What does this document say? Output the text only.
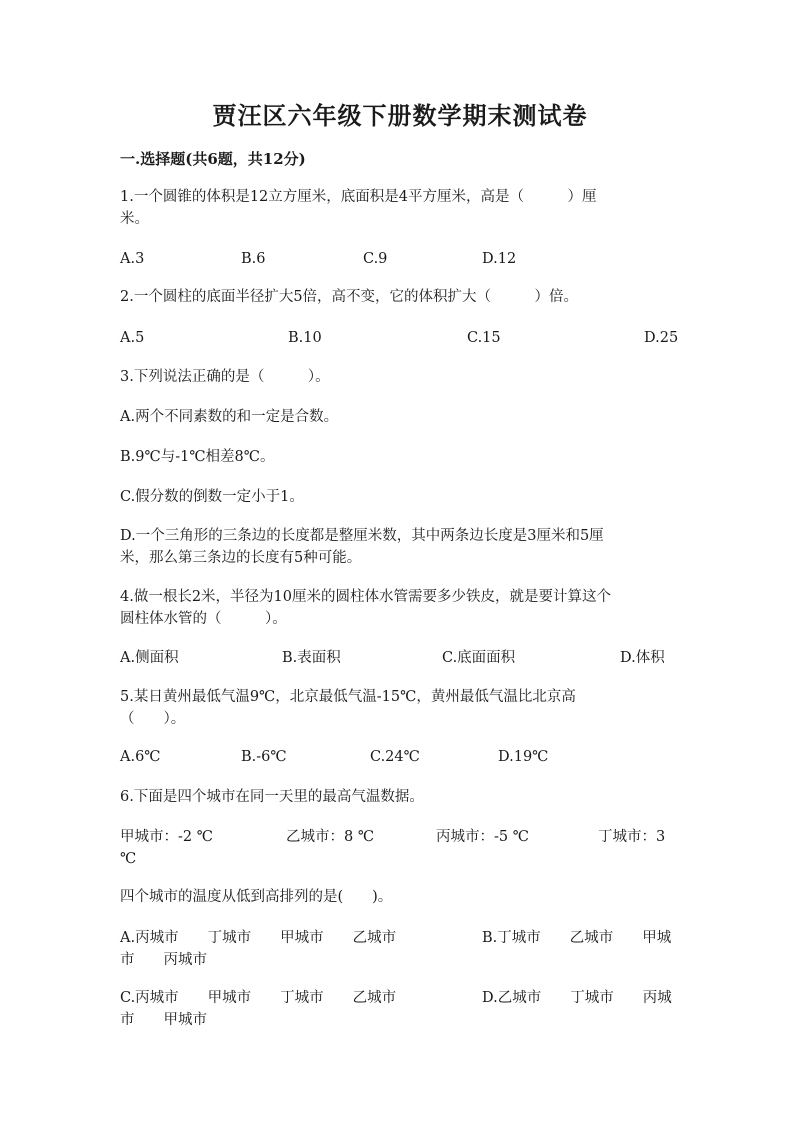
贾汪区六年级下册数学期末测试卷
一.选择题(共6题，共12分)
1.一个圆锥的体积是12立方厘米，底面积是4平方厘米，高是（　　　）厘
米。
A.3	B.6	C.9	D.12
2.一个圆柱的底面半径扩大5倍，高不变，它的体积扩大（　　　）倍。
A.5	B.10	C.15	D.25
3.下列说法正确的是（　　　）。
A.两个不同素数的和一定是合数。
B.9℃与-1℃相差8℃。
C.假分数的倒数一定小于1。
D.一个三角形的三条边的长度都是整厘米数，其中两条边长度是3厘米和5厘
米，那么第三条边的长度有5种可能。
4.做一根长2米，半径为10厘米的圆柱体水管需要多少铁皮，就是要计算这个
圆柱体水管的（　　　）。
A.侧面积	B.表面积	C.底面面积	D.体积
5.某日黄州最低气温9℃，北京最低气温-15℃，黄州最低气温比北京高
（　　）。
A.6℃	B.-6℃	C.24℃	D.19℃
6.下面是四个城市在同一天里的最高气温数据。
甲城市：-2 ℃	乙城市：8 ℃	丙城市：-5 ℃	丁城市：3
℃
四个城市的温度从低到高排列的是(　　)。
A.丙城市　　丁城市　　甲城市　　乙城市	B.丁城市　　乙城市　　甲城
市　　丙城市
C.丙城市　　甲城市　　丁城市　　乙城市	D.乙城市　　丁城市　　丙城
市　　甲城市
